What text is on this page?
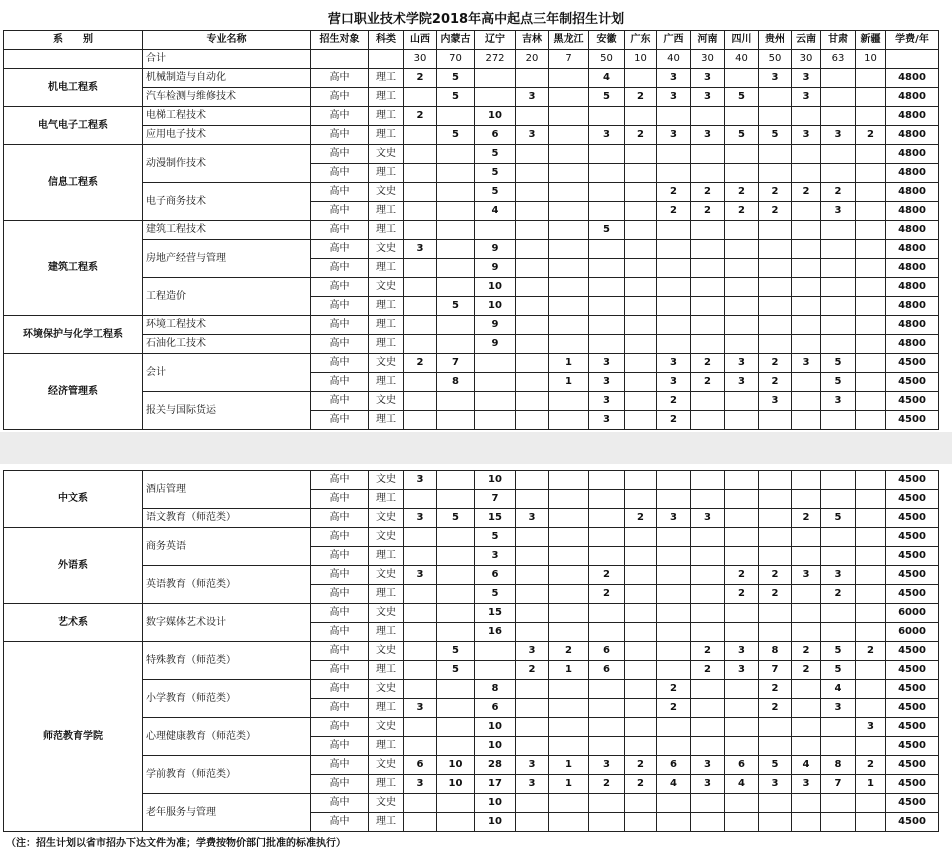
营口职业技术学院2018年高中起点三年制招生计划
系　　别	专业名称	招生对象	科类	山西	内蒙古	辽宁	吉林	黑龙江	安徽	广东	广西	河南	四川	贵州	云南	甘肃	新疆	学费/年
	合计			30	70	272	20	7	50	10	40	30	40	50	30	63	10	
机电工程系	机械制造与自动化	高中	理工	2	5				4		3	3		3	3			4800
	汽车检测与维修技术	高中	理工		5		3		5	2	3	3	5		3			4800
电气电子工程系	电梯工程技术	高中	理工	2		10												4800
	应用电子技术	高中	理工		5	6	3		3	2	3	3	5	5	3	3	2	4800
信息工程系	动漫制作技术	高中	文史			5												4800
		高中	理工			5												4800
	电子商务技术	高中	文史			5					2	2	2	2	2	2		4800
		高中	理工			4					2	2	2	2		3		4800
建筑工程系	建筑工程技术	高中	理工						5									4800
	房地产经营与管理	高中	文史	3		9												4800
		高中	理工			9												4800
	工程造价	高中	文史			10												4800
		高中	理工		5	10												4800
环境保护与化学工程系	环境工程技术	高中	理工			9												4800
	石油化工技术	高中	理工			9												4800
经济管理系	会计	高中	文史	2	7			1	3		3	2	3	2	3	5		4500
		高中	理工		8			1	3		3	2	3	2		5		4500
	报关与国际货运	高中	文史						3		2			3		3		4500
		高中	理工						3		2							4500
中文系	酒店管理	高中	文史	3		10												4500
		高中	理工			7												4500
	语文教育（师范类）	高中	文史	3	5	15	3			2	3	3			2	5		4500
外语系	商务英语	高中	文史			5												4500
		高中	理工			3												4500
	英语教育（师范类）	高中	文史	3		6			2				2	2	3	3		4500
		高中	理工			5			2				2	2		2		4500
艺术系	数字媒体艺术设计	高中	文史			15												6000
		高中	理工			16												6000
师范教育学院	特殊教育（师范类）	高中	文史		5		3	2	6			2	3	8	2	5	2	4500
		高中	理工		5		2	1	6			2	3	7	2	5		4500
	小学教育（师范类）	高中	文史			8					2			2		4		4500
		高中	理工	3		6					2			2		3		4500
	心理健康教育（师范类）	高中	文史			10											3	4500
		高中	理工			10												4500
	学前教育（师范类）	高中	文史	6	10	28	3	1	3	2	6	3	6	5	4	8	2	4500
		高中	理工	3	10	17	3	1	2	2	4	3	4	3	3	7	1	4500
	老年服务与管理	高中	文史			10												4500
		高中	理工			10												4500
（注：招生计划以省市招办下达文件为准；学费按物价部门批准的标准执行）
